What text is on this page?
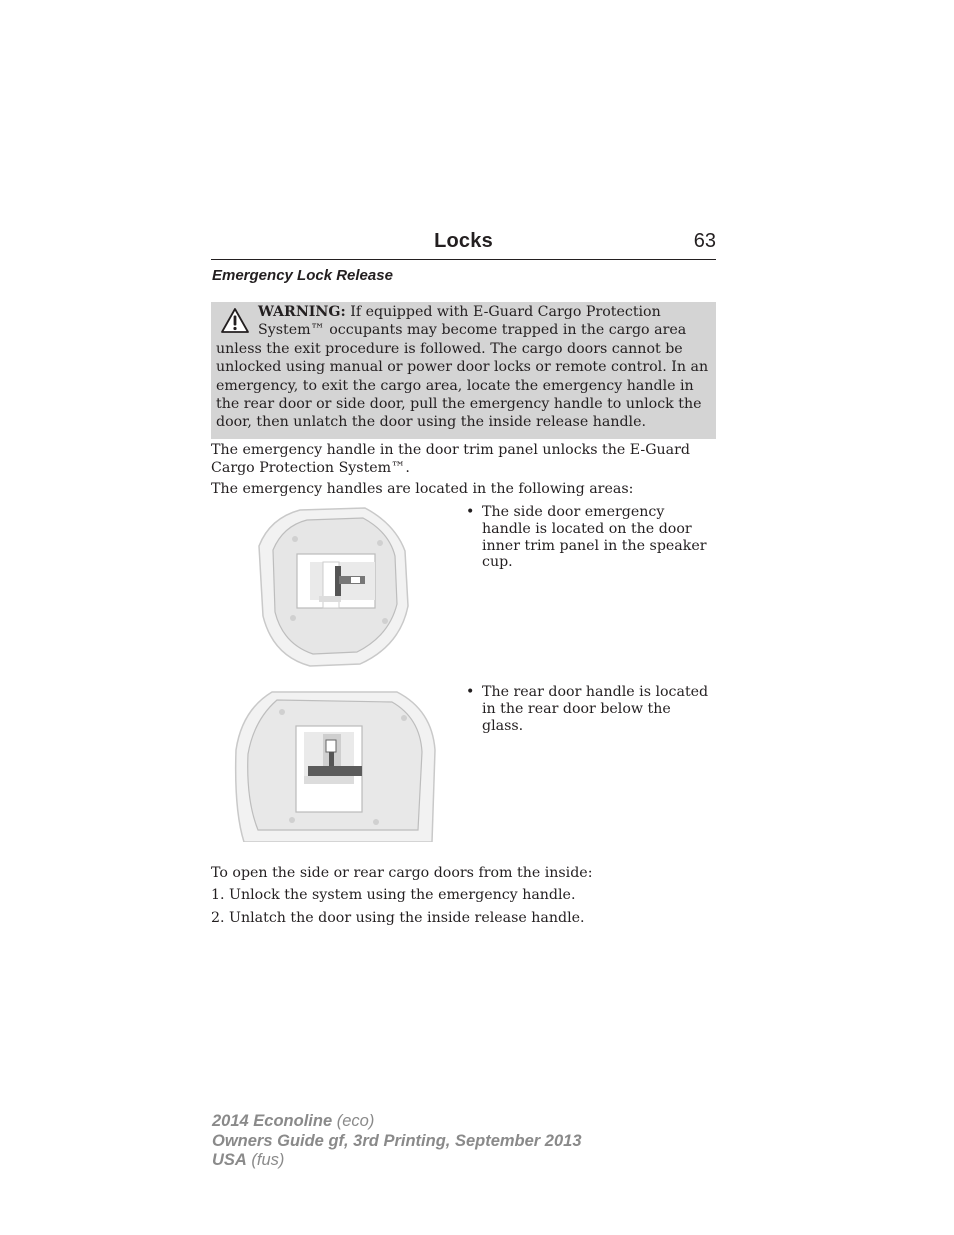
Locks	63
Emergency Lock Release
WARNING: If equipped with E-Guard Cargo Protection System™ occupants may become trapped in the cargo area unless the exit procedure is followed. The cargo doors cannot be unlocked using manual or power door locks or remote control. In an emergency, to exit the cargo area, locate the emergency handle in the rear door or side door, pull the emergency handle to unlock the door, then unlatch the door using the inside release handle.
The emergency handle in the door trim panel unlocks the E-Guard Cargo Protection System™.
The emergency handles are located in the following areas:
• The side door emergency handle is located on the door inner trim panel in the speaker cup.
• The rear door handle is located in the rear door below the glass.
To open the side or rear cargo doors from the inside:
1. Unlock the system using the emergency handle.
2. Unlatch the door using the inside release handle.
2014 Econoline (eco)
Owners Guide gf, 3rd Printing, September 2013
USA (fus)
